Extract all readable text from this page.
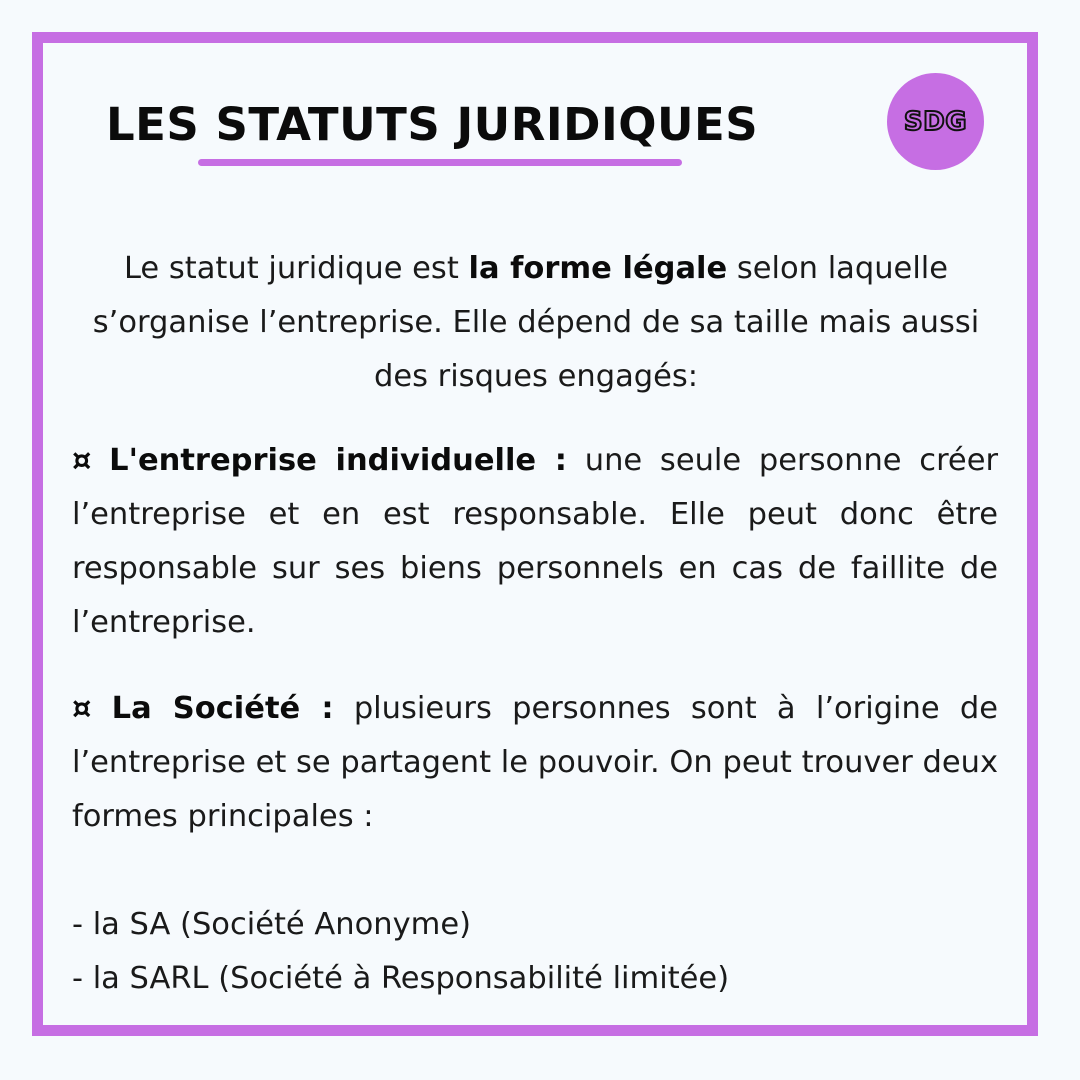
LES STATUTS JURIDIQUES	SDG

Le statut juridique est la forme légale selon laquelle s’organise l’entreprise. Elle dépend de sa taille mais aussi des risques engagés:

¤ L'entreprise individuelle : une seule personne créer l’entreprise et en est responsable. Elle peut donc être responsable sur ses biens personnels en cas de faillite de l’entreprise.

¤ La Société : plusieurs personnes sont à l’origine de l’entreprise et se partagent le pouvoir. On peut trouver deux formes principales :

- la SA (Société Anonyme)
- la SARL (Société à Responsabilité limitée)
